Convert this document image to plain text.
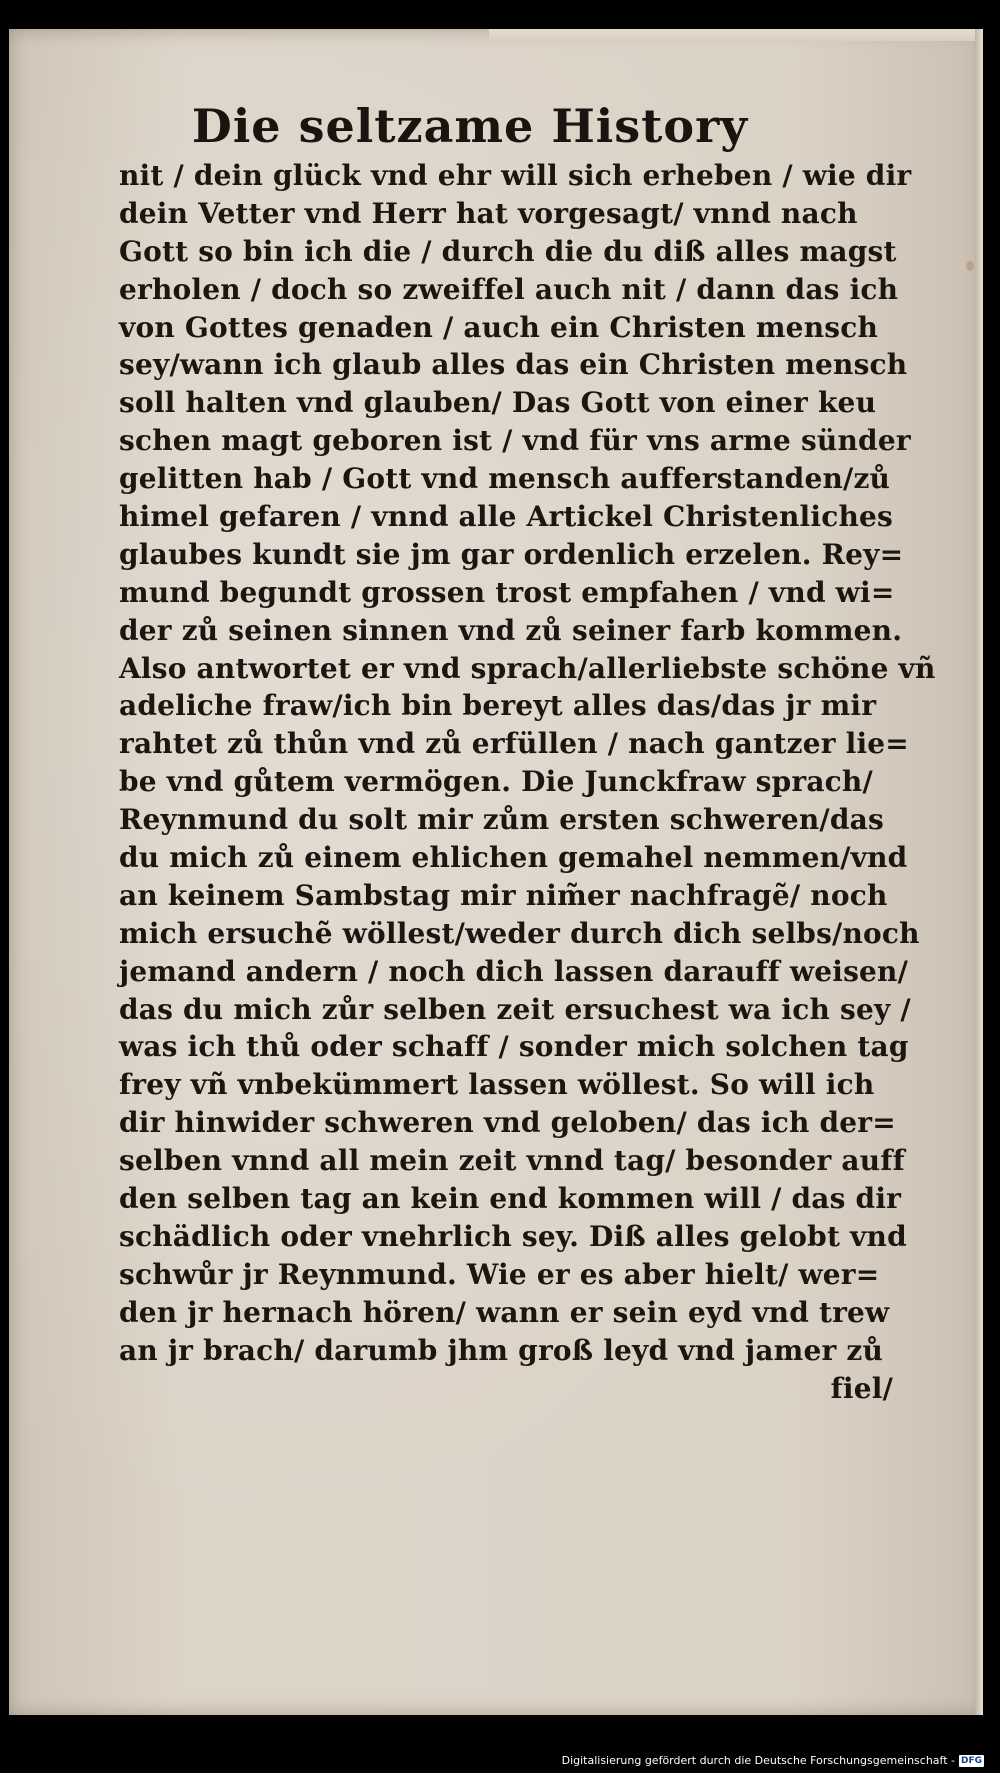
Die seltzame History
nit / dein glück vnd ehr will sich erheben / wie dir
dein Vetter vnd Herr hat vorgesagt/ vnnd nach
Gott so bin ich die / durch die du diß alles magst
erholen / doch so zweiffel auch nit / dann das ich
von Gottes genaden / auch ein Christen mensch
sey/wann ich glaub alles das ein Christen mensch
soll halten vnd glauben/ Das Gott von einer keu
schen magt geboren ist / vnd für vns arme sünder
gelitten hab / Gott vnd mensch aufferstanden/zů
himel gefaren / vnnd alle Artickel Christenliches
glaubes kundt sie jm gar ordenlich erzelen. Rey=
mund begundt grossen trost empfahen / vnd wi=
der zů seinen sinnen vnd zů seiner farb kommen.
Also antwortet er vnd sprach/allerliebste schöne vñ
adeliche fraw/ich bin bereyt alles das/das jr mir
rahtet zů thůn vnd zů erfüllen / nach gantzer lie=
be vnd gůtem vermögen. Die Junckfraw sprach/
Reynmund du solt mir zům ersten schweren/das
du mich zů einem ehlichen gemahel nemmen/vnd
an keinem Sambstag mir nim̃er nachfragẽ/ noch
mich ersuchẽ wöllest/weder durch dich selbs/noch
jemand andern / noch dich lassen darauff weisen/
das du mich zůr selben zeit ersuchest wa ich sey /
was ich thů oder schaff / sonder mich solchen tag
frey vñ vnbekümmert lassen wöllest. So will ich
dir hinwider schweren vnd geloben/ das ich der=
selben vnnd all mein zeit vnnd tag/ besonder auff
den selben tag an kein end kommen will / das dir
schädlich oder vnehrlich sey. Diß alles gelobt vnd
schwůr jr Reynmund. Wie er es aber hielt/ wer=
den jr hernach hören/ wann er sein eyd vnd trew
an jr brach/ darumb jhm groß leyd vnd jamer zů
fiel/
Digitalisierung gefördert durch die Deutsche Forschungsgemeinschaft - DFG
